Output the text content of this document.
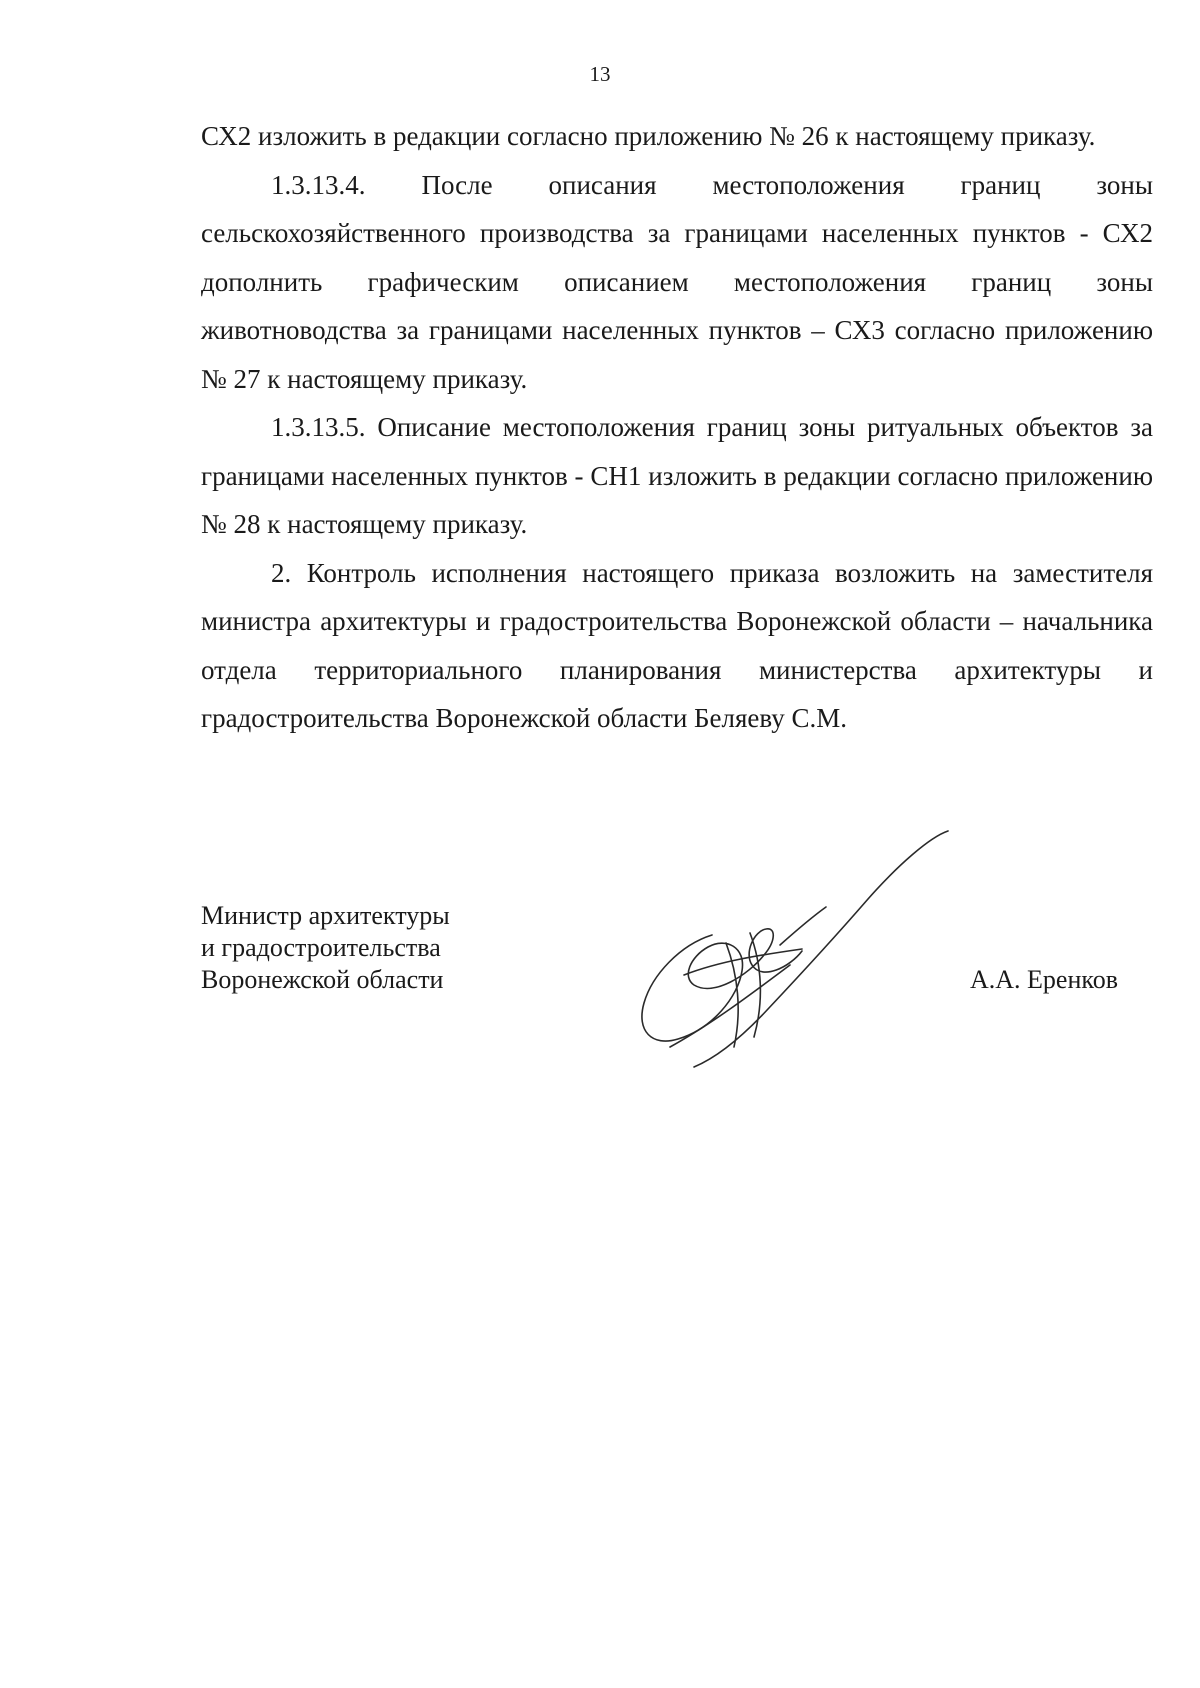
13

СХ2 изложить в редакции согласно приложению № 26 к настоящему приказу.

1.3.13.4. После описания местоположения границ зоны сельскохозяйственного производства за границами населенных пунктов - СХ2 дополнить графическим описанием местоположения границ зоны животноводства за границами населенных пунктов – СХ3 согласно приложению № 27 к настоящему приказу.

1.3.13.5. Описание местоположения границ зоны ритуальных объектов за границами населенных пунктов - СН1 изложить в редакции согласно приложению № 28 к настоящему приказу.

2. Контроль исполнения настоящего приказа возложить на заместителя министра архитектуры и градостроительства Воронежской области – начальника отдела территориального планирования министерства архитектуры и градостроительства Воронежской области Беляеву С.М.

Министр архитектуры
и градостроительства
Воронежской области	А.А. Еренков
